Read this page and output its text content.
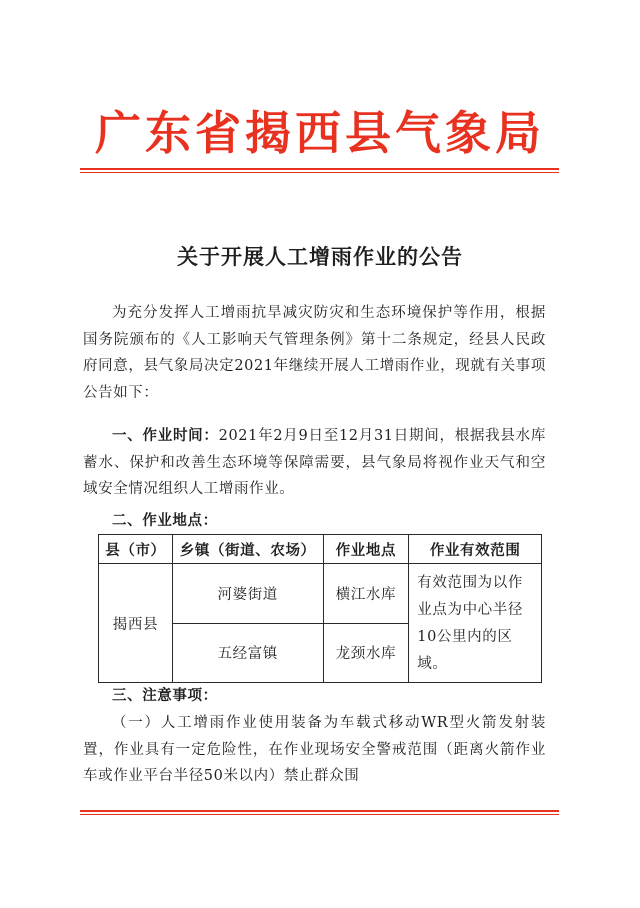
广东省揭西县气象局
关于开展人工增雨作业的公告

为充分发挥人工增雨抗旱减灾防灾和生态环境保护等作用，根据国务院颁布的《人工影响天气管理条例》第十二条规定，经县人民政府同意，县气象局决定2021年继续开展人工增雨作业，现就有关事项公告如下：

一、作业时间：2021年2月9日至12月31日期间，根据我县水库蓄水、保护和改善生态环境等保障需要，县气象局将视作业天气和空域安全情况组织人工增雨作业。

二、作业地点：

县（市）	乡镇（街道、农场）	作业地点	作业有效范围
揭西县	河婆街道	横江水库	有效范围为以作业点为中心半径10公里内的区域。
	五经富镇	龙颈水库	

三、注意事项：

（一）人工增雨作业使用装备为车载式移动WR型火箭发射装置，作业具有一定危险性，在作业现场安全警戒范围（距离火箭作业车或作业平台半径50米以内）禁止群众围
